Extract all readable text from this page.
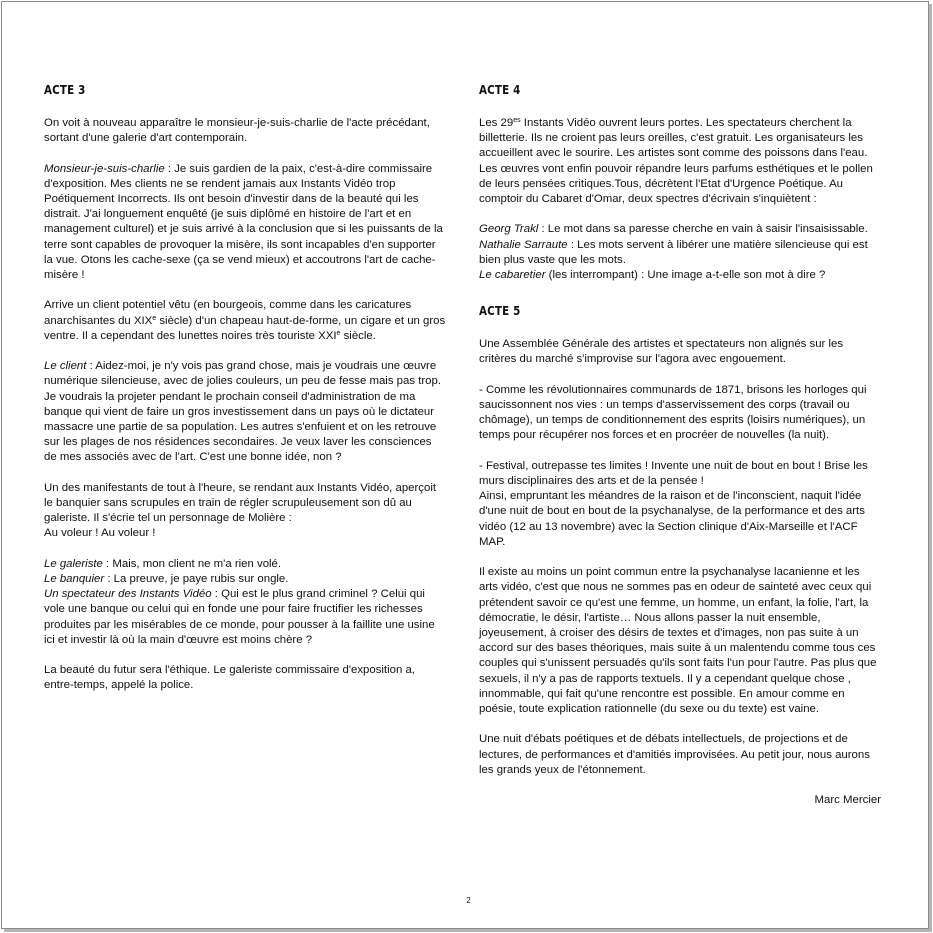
ACTE 3

On voit à nouveau apparaître le monsieur-je-suis-charlie de l'acte précédant, sortant d'une galerie d'art contemporain.

Monsieur-je-suis-charlie : Je suis gardien de la paix, c'est-à-dire commissaire d'exposition. Mes clients ne se rendent jamais aux Instants Vidéo trop Poétiquement Incorrects. Ils ont besoin d'investir dans de la beauté qui les distrait. J'ai longuement enquêté (je suis diplômé en histoire de l'art et en management culturel) et je suis arrivé à la conclusion que si les puissants de la terre sont capables de provoquer la misère, ils sont incapables d'en supporter la vue. Otons les cache-sexe (ça se vend mieux) et accoutrons l'art de cache-misère !

Arrive un client potentiel vêtu (en bourgeois, comme dans les caricatures anarchisantes du XIXe siècle) d'un chapeau haut-de-forme, un cigare et un gros ventre. Il a cependant des lunettes noires très touriste XXIe siècle.

Le client : Aidez-moi, je n'y vois pas grand chose, mais je voudrais une œuvre numérique silencieuse, avec de jolies couleurs, un peu de fesse mais pas trop. Je voudrais la projeter pendant le prochain conseil d'administration de ma banque qui vient de faire un gros investissement dans un pays où le dictateur massacre une partie de sa population. Les autres s'enfuient et on les retrouve sur les plages de nos résidences secondaires. Je veux laver les consciences de mes associés avec de l'art. C'est une bonne idée, non ?

Un des manifestants de tout à l'heure, se rendant aux Instants Vidéo, aperçoit le banquier sans scrupules en train de régler scrupuleusement son dû au galeriste. Il s'écrie tel un personnage de Molière :

Au voleur ! Au voleur !

Le galeriste : Mais, mon client ne m'a rien volé.

Le banquier : La preuve, je paye rubis sur ongle.

Un spectateur des Instants Vidéo : Qui est le plus grand criminel ? Celui qui vole une banque ou celui qui en fonde une pour faire fructifier les richesses produites par les misérables de ce monde, pour pousser à la faillite une usine ici et investir là où la main d'œuvre est moins chère ?

La beauté du futur sera l'éthique. Le galeriste commissaire d'exposition a, entre-temps, appelé la police.

ACTE 4

Les $29^{es}$ Instants Vidéo ouvrent leurs portes. Les spectateurs cherchent la billetterie. Ils ne croient pas leurs oreilles, c'est gratuit. Les organisateurs les accueillent avec le sourire. Les artistes sont comme des poissons dans l'eau. Les œuvres vont enfin pouvoir répandre leurs parfums esthétiques et le pollen de leurs pensées critiques.Tous, décrètent l'Etat d'Urgence Poétique. Au comptoir du Cabaret d'Omar, deux spectres d'écrivain s'inquiètent :

Georg Trakl : Le mot dans sa paresse cherche en vain à saisir l'insaisissable.

Nathalie Sarraute : Les mots servent à libérer une matière silencieuse qui est bien plus vaste que les mots.

Le cabaretier (les interrompant) : Une image a-t-elle son mot à dire ?

ACTE 5

Une Assemblée Générale des artistes et spectateurs non alignés sur les critères du marché s'improvise sur l'agora avec engouement.

- Comme les révolutionnaires communards de 1871, brisons les horloges qui saucissonnent nos vies : un temps d'asservissement des corps (travail ou chômage), un temps de conditionnement des esprits (loisirs numériques), un temps pour récupérer nos forces et en procréer de nouvelles (la nuit).

- Festival, outrepasse tes limites ! Invente une nuit de bout en bout ! Brise les murs disciplinaires des arts et de la pensée !

Ainsi, empruntant les méandres de la raison et de l'inconscient, naquit l'idée d'une nuit de bout en bout de la psychanalyse, de la performance et des arts vidéo (12 au 13 novembre) avec la Section clinique d'Aix-Marseille et l'ACF MAP.

Il existe au moins un point commun entre la psychanalyse lacanienne et les arts vidéo, c'est que nous ne sommes pas en odeur de sainteté avec ceux qui prétendent savoir ce qu'est une femme, un homme, un enfant, la folie, l'art, la démocratie, le désir, l'artiste… Nous allons passer la nuit ensemble, joyeusement, à croiser des désirs de textes et d'images, non pas suite à un accord sur des bases théoriques, mais suite à un malentendu comme tous ces couples qui s'unissent persuadés qu'ils sont faits l'un pour l'autre. Pas plus que sexuels, il n'y a pas de rapports textuels. Il y a cependant quelque chose , innommable, qui fait qu'une rencontre est possible. En amour comme en poésie, toute explication rationnelle (du sexe ou du texte) est vaine.

Une nuit d'ébats poétiques et de débats intellectuels, de projections et de lectures, de performances et d'amitiés improvisées. Au petit jour, nous aurons les grands yeux de l'étonnement.

Marc Mercier

2
